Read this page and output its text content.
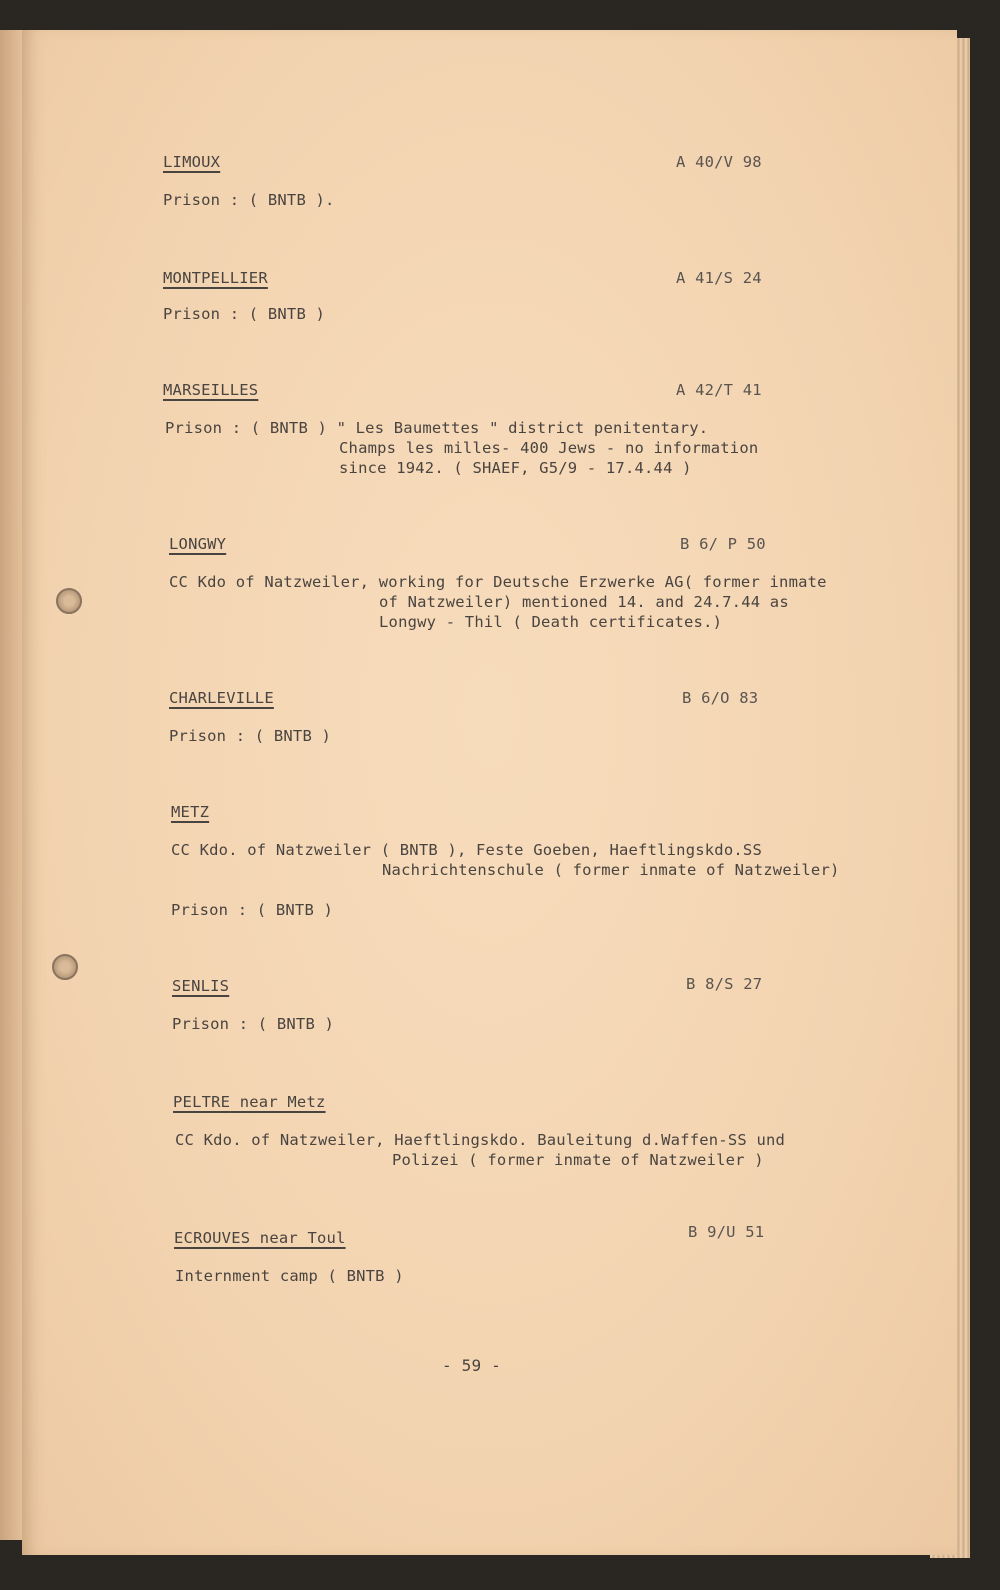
LIMOUX	A 40/V 98
Prison : ( BNTB ).
MONTPELLIER	A 41/S 24
Prison : ( BNTB )
MARSEILLES	A 42/T 41
Prison : ( BNTB ) " Les Baumettes " district penitentary.
Champs les milles- 400 Jews - no information
since 1942. ( SHAEF, G5/9 - 17.4.44 )
LONGWY	B 6/ P 50
CC Kdo of Natzweiler, working for Deutsche Erzwerke AG( former inmate
of Natzweiler) mentioned 14. and 24.7.44 as
Longwy - Thil ( Death certificates.)
CHARLEVILLE	B 6/O 83
Prison : ( BNTB )
METZ
CC Kdo. of Natzweiler ( BNTB ), Feste Goeben, Haeftlingskdo.SS
Nachrichtenschule ( former inmate of Natzweiler)
Prison : ( BNTB )
SENLIS	B 8/S 27
Prison : ( BNTB )
PELTRE near Metz
CC Kdo. of Natzweiler, Haeftlingskdo. Bauleitung d.Waffen-SS und
Polizei ( former inmate of Natzweiler )
ECROUVES near Toul	B 9/U 51
Internment camp ( BNTB )
- 59 -
